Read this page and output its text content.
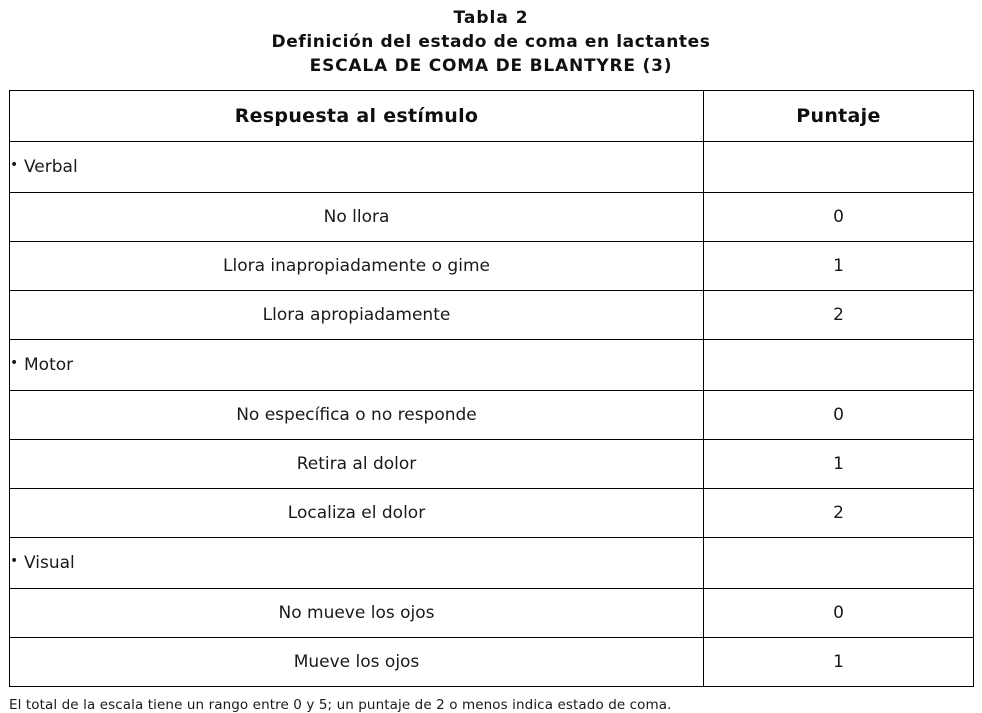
Tabla 2
Definición del estado de coma en lactantes
ESCALA DE COMA DE BLANTYRE (3)
Respuesta al estímulo	Puntaje
• Verbal	
No llora	0
Llora inapropiadamente o gime	1
Llora apropiadamente	2
• Motor	
No específica o no responde	0
Retira al dolor	1
Localiza el dolor	2
• Visual	
No mueve los ojos	0
Mueve los ojos	1
El total de la escala tiene un rango entre 0 y 5; un puntaje de 2 o menos indica estado de coma.
